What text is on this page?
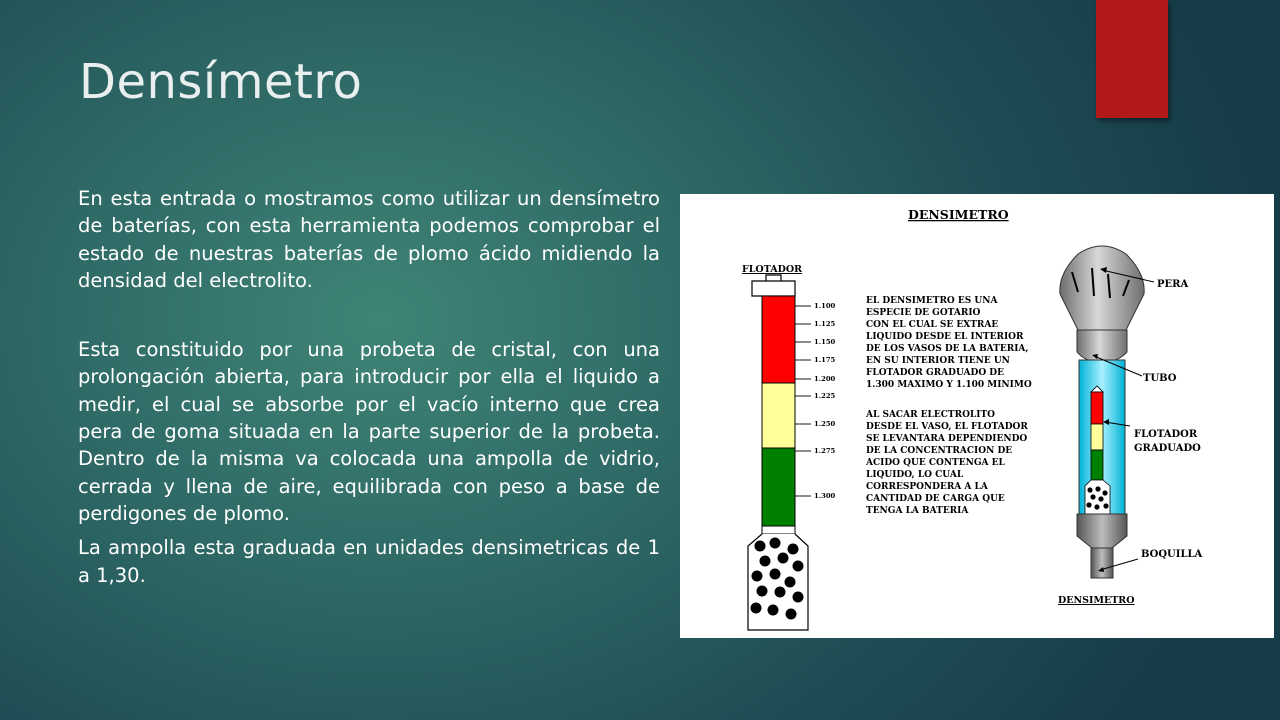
Densímetro

En esta entrada o mostramos como utilizar un densímetro de baterías, con esta herramienta podemos comprobar el estado de nuestras baterías de plomo ácido midiendo la densidad del electrolito.

Esta constituido por una probeta de cristal, con una prolongación abierta, para introducir por ella el liquido a medir, el cual se absorbe por el vacío interno que crea pera de goma situada en la parte superior de la probeta. Dentro de la misma va colocada una ampolla de vidrio, cerrada y llena de aire, equilibrada con peso a base de perdigones de plomo.

La ampolla esta graduada en unidades densimetricas de 1 a 1,30.

DENSIMETRO
FLOTADOR
1.100
1.125
1.150
1.175
1.200
1.225
1.250
1.275
1.300
EL DENSIMETRO ES UNA
ESPECIE DE GOTARIO
CON EL CUAL SE EXTRAE
LIQUIDO DESDE EL INTERIOR
DE LOS VASOS DE LA BATERIA,
EN SU INTERIOR TIENE UN
FLOTADOR GRADUADO DE
1.300 MAXIMO Y 1.100 MINIMO
AL SACAR ELECTROLITO
DESDE EL VASO, EL FLOTADOR
SE LEVANTARA DEPENDIENDO
DE LA CONCENTRACION DE
ACIDO QUE CONTENGA EL
LIQUIDO, LO CUAL
CORRESPONDERA A LA
CANTIDAD DE CARGA QUE
TENGA LA BATERIA
PERA
TUBO
FLOTADOR
GRADUADO
BOQUILLA
DENSIMETRO
